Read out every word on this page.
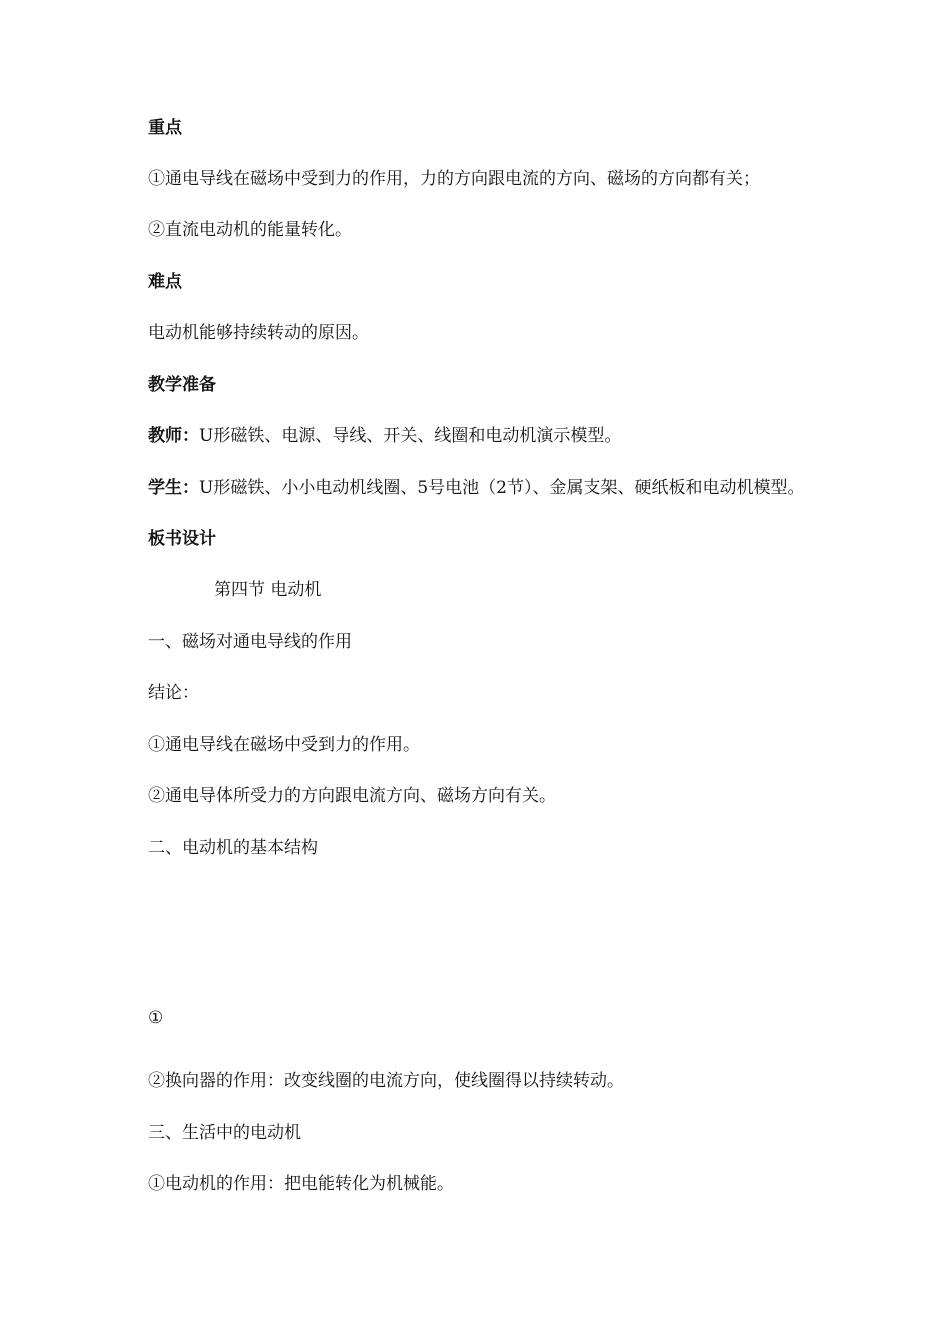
重点
①通电导线在磁场中受到力的作用，力的方向跟电流的方向、磁场的方向都有关；
②直流电动机的能量转化。
难点
电动机能够持续转动的原因。
教学准备
教师：U形磁铁、电源、导线、开关、线圈和电动机演示模型。
学生：U形磁铁、小小电动机线圈、5号电池（2节）、金属支架、硬纸板和电动机模型。
板书设计
第四节 电动机
一、磁场对通电导线的作用
结论：
①通电导线在磁场中受到力的作用。
②通电导体所受力的方向跟电流方向、磁场方向有关。
二、电动机的基本结构
①
②换向器的作用：改变线圈的电流方向，使线圈得以持续转动。
三、生活中的电动机
①电动机的作用：把电能转化为机械能。
